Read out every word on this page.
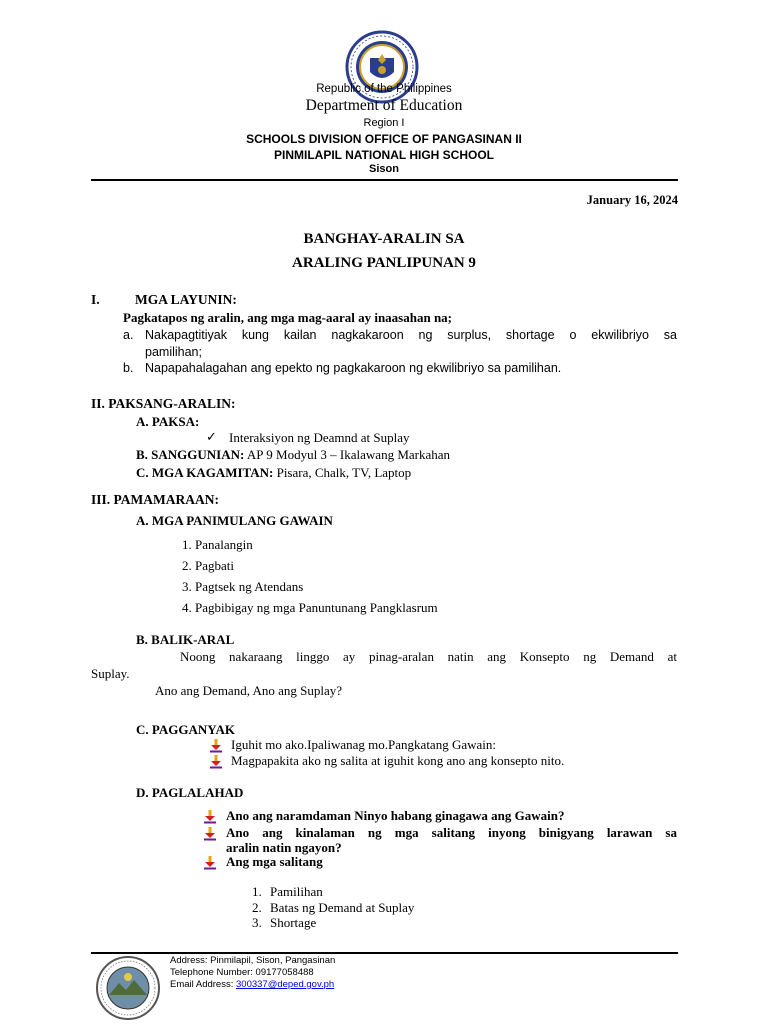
Republic of the Philippines
Department of Education
Region I
SCHOOLS DIVISION OFFICE OF PANGASINAN II
PINMILAPIL NATIONAL HIGH SCHOOL
Sison
January 16, 2024
BANGHAY-ARALIN SA
ARALING PANLIPUNAN 9
I.	MGA LAYUNIN:
Pagkatapos ng aralin, ang mga mag-aaral ay inaasahan na;
a. Nakapagtitiyak kung kailan nagkakaroon ng surplus, shortage o ekwilibriyo sa
pamilihan;
b. Napapahalagahan ang epekto ng pagkakaroon ng ekwilibriyo sa pamilihan.
II. PAKSANG-ARALIN:
A. PAKSA:
✓ Interaksiyon ng Deamnd at Suplay
B. SANGGUNIAN: AP 9 Modyul 3 – Ikalawang Markahan
C. MGA KAGAMITAN: Pisara, Chalk, TV, Laptop
III. PAMAMARAAN:
A. MGA PANIMULANG GAWAIN
1. Panalangin
2. Pagbati
3. Pagtsek ng Atendans
4. Pagbibigay ng mga Panuntunang Pangklasrum
B. BALIK-ARAL
Noong nakaraang linggo ay pinag-aralan natin ang Konsepto ng Demand at
Suplay.
Ano ang Demand, Ano ang Suplay?
C. PAGGANYAK
Iguhit mo ako.Ipaliwanag mo.Pangkatang Gawain:
Magpapakita ako ng salita at iguhit kong ano ang konsepto nito.
D. PAGLALAHAD
Ano ang naramdaman Ninyo habang ginagawa ang Gawain?
Ano ang kinalaman ng mga salitang inyong binigyang larawan sa
aralin natin ngayon?
Ang mga salitang
1. Pamilihan
2. Batas ng Demand at Suplay
3. Shortage
Address: Pinmilapil, Sison, Pangasinan
Telephone Number: 09177058488
Email Address: 300337@deped.gov.ph
